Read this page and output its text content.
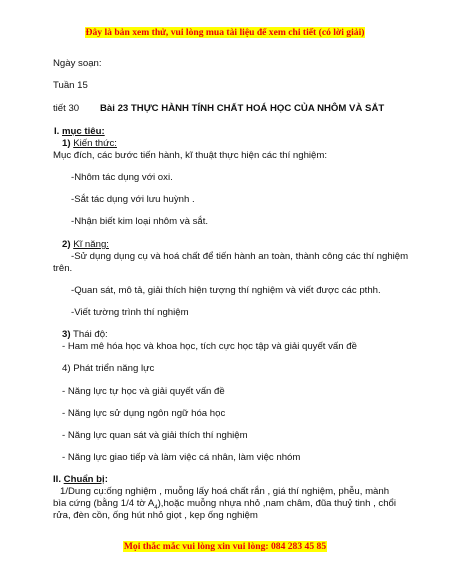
Đây là bản xem thử, vui lòng mua tài liệu để xem chi tiết (có lời giải)
Ngày soạn:
Tuần 15
tiết 30 Bài 23 THỰC HÀNH TÍNH CHẤT HOÁ HỌC CỦA NHÔM VÀ SẮT
I. mục tiêu:
1) Kiến thức:
Mục đích, các bước tiến hành, kĩ thuật thực hiện các thí nghiệm:
-Nhôm tác dụng với oxi.
-Sắt tác dụng với lưu huỳnh .
-Nhận biết kim loại nhôm và sắt.
2) Kĩ năng:
-Sử dụng dụng cụ và hoá chất để tiến hành an toàn, thành công các thí nghiệm
trên.
-Quan sát, mô tả, giải thích hiện tượng thí nghiệm và viết được các pthh.
-Viết tường trình thí nghiệm
3) Thái độ:
- Ham mê hóa học và khoa học, tích cực học tập và giải quyết vấn đề
4) Phát triển năng lực
- Năng lực tự học và giải quyết vấn đề
- Năng lực sử dụng ngôn ngữ hóa học
- Năng lực quan sát và giải thích thí nghiệm
- Năng lực giao tiếp và làm việc cá nhân, làm việc nhóm
II. Chuẩn bị:
1/Dung cụ:ống nghiệm , muỗng lấy hoá chất rắn , giá thí nghiệm, phễu, mành
bìa cứng (bằng 1/4 tờ $A_4),hoặc$ muỗng nhựa nhỏ ,nam châm, đũa thuỷ tinh , chổi
rửa, đèn cồn, ống hút nhỏ giọt , kẹp ống nghiệm
Mọi thắc mắc vui lòng xin vui lòng: 084 283 45 85
